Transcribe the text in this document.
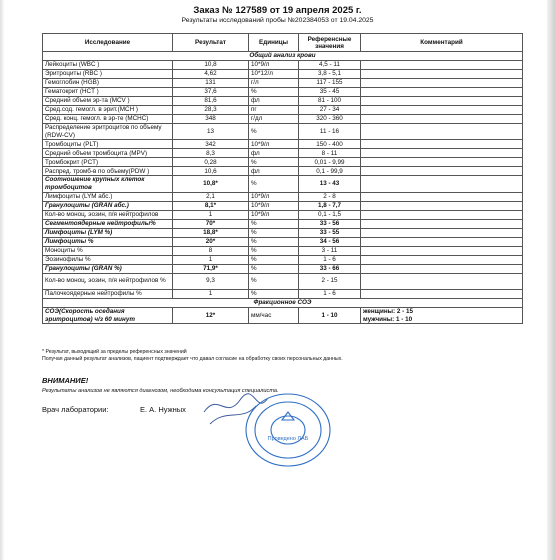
Заказ № 127589 от 19 апреля 2025 г.
Результаты исследований пробы №202384053 от 19.04.2025
Исследование	Результат	Единицы	Референсные значения	Комментарий
Общий анализ крови				
Лейкоциты (WBC )	10,8	10*9/л	4,5 - 11	
Эритроциты (RBC )	4,62	10*12/л	3,8 - 5,1	
Гемоглобин (HGB)	131	г/л	117 - 155	
Гематокрит (HCT )	37,6	%	35 - 45	
Средний объем эр-та (MCV )	81,6	фл	81 - 100	
Сред.сод. гемогл. в эрит.(MCH )	28,3	пг	27 - 34	
Сред. конц. гемогл. в эр-те (MCHC)	348	г/дл	320 - 360	
Распределение эритроцитов по объему (RDW-CV)	13	%	11 - 16	
Тромбоциты (PLT)	342	10*9/л	150 - 400	
Средний объем тромбоцита (MPV)	8,3	фл	8 - 11	
Тромбокрит (PCT)	0,28	%	0,01 - 9,99	
Распред. тромб-в по объему(PDW )	10,6	фл	0,1 - 99,9	
Соотношение крупных клеток тромбоцитов	10,8*	%	13 - 43	
Лимфоциты (LYM абс.)	2,1	10*9/л	2 - 8	
Гранулоциты (GRAN абс.)	8,1*	10*9/л	1,8 - 7,7	
Кол-во моноц, эозин, п/я нейтрофилов	1	10*9/л	0,1 - 1,5	
Сегментоядерные нейтрофилы%	70*	%	33 - 56	
Лимфоциты (LYM %)	18,8*	%	33 - 55	
Лимфоциты %	20*	%	34 - 56	
Моноциты %	8	%	3 - 11	
Эозинофилы %	1	%	1 - 6	
Гранулоциты (GRAN %)	71,9*	%	33 - 66	
Кол-во моноц, эозин, п/я нейтрофилов %	9,3	%	2 - 15	
Палочкоядерные нейтрофилы %	1	%	1 - 6	
Фракционное СОЭ				
СОЭ(Скорость оседания эритроцитов) ч/з 60 минут	12*	мм/час	1 - 10	женщины: 2 - 15
мужчины: 1 - 10

* Результат, выходящий за пределы референсных значений

Получая данный результат анализов, пациент подтверждает что давал согласие на обработку своих персональных данных.

ВНИМАНИЕ!
Результаты анализов не являются диагнозом, необходима консультация специалиста.
Врач лаборатории:	Е. А. Нужных
Проведено ЛАБ
